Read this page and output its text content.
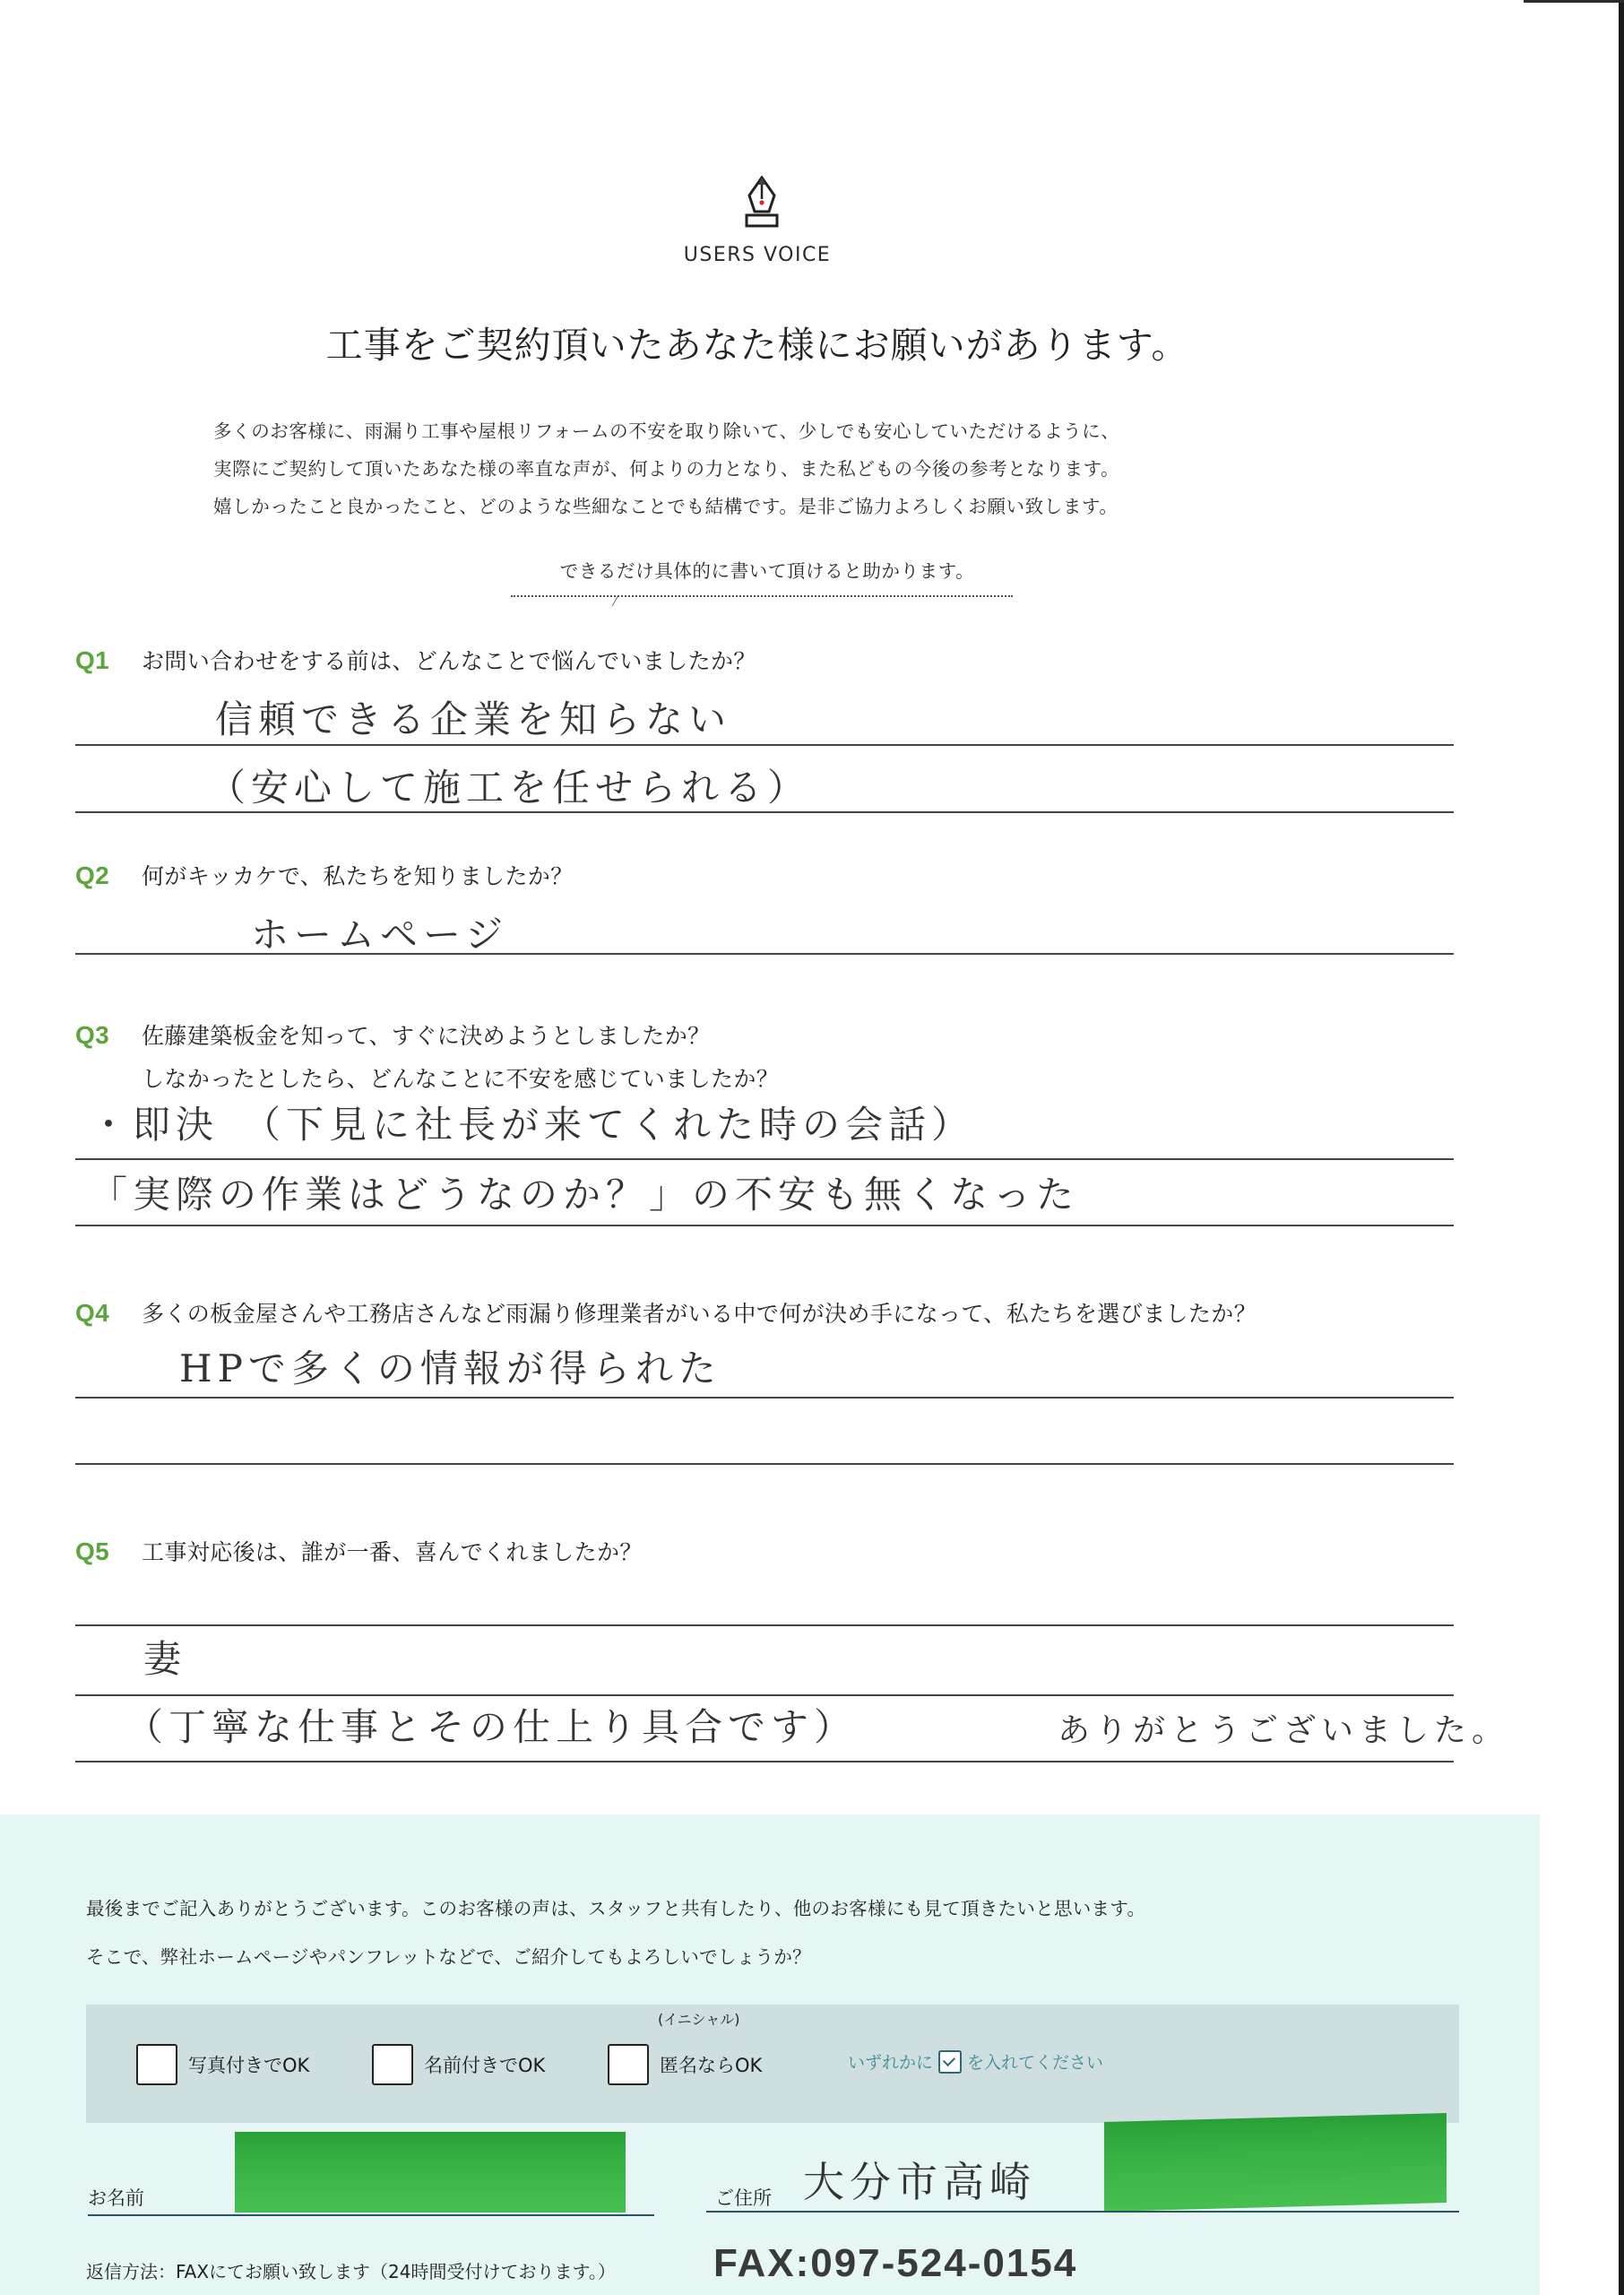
USERS VOICE
工事をご契約頂いたあなた様にお願いがあります。
多くのお客様に、雨漏り工事や屋根リフォームの不安を取り除いて、少しでも安心していただけるように、
実際にご契約して頂いたあなた様の率直な声が、何よりの力となり、また私どもの今後の参考となります。
嬉しかったこと良かったこと、どのような些細なことでも結構です。是非ご協力よろしくお願い致します。
できるだけ具体的に書いて頂けると助かります。
Q1 お問い合わせをする前は、どんなことで悩んでいましたか？
信頼できる企業を知らない
（安心して施工を任せられる）
Q2 何がキッカケで、私たちを知りましたか？
ホームページ
Q3 佐藤建築板金を知って、すぐに決めようとしましたか？
しなかったとしたら、どんなことに不安を感じていましたか？
・即決　（下見に社長が来てくれた時の会話）
「実際の作業はどうなのか？」の不安も無くなった
Q4 多くの板金屋さんや工務店さんなど雨漏り修理業者がいる中で何が決め手になって、私たちを選びましたか？
HPで多くの情報が得られた
Q5 工事対応後は、誰が一番、喜んでくれましたか？
妻
（丁寧な仕事とその仕上り具合です）	ありがとうございました。
最後までご記入ありがとうございます。このお客様の声は、スタッフと共有したり、他のお客様にも見て頂きたいと思います。
そこで、弊社ホームページやパンフレットなどで、ご紹介してもよろしいでしょうか？
写真付きでOK	名前付きでOK
(イニシャル)
匿名ならOK	いずれかに を入れてください
お名前	ご住所 大分市高崎
返信方法：FAXにてお願い致します（24時間受付けております。） FAX:097-524-0154
